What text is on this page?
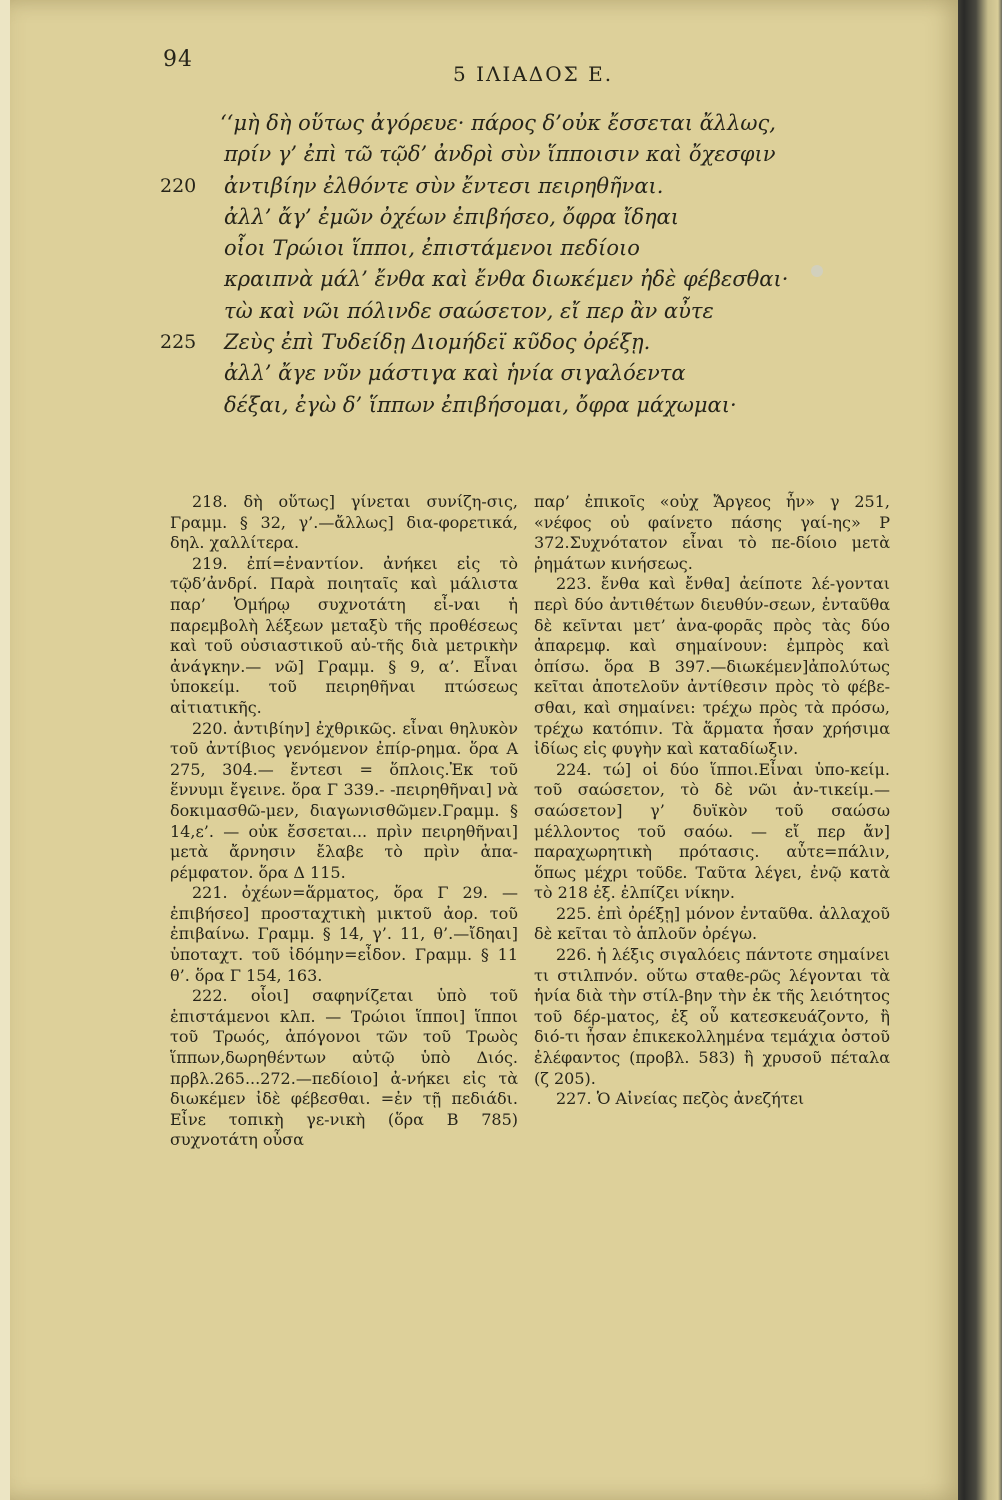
94
5 ΙΛΙΑΔΟΣ Ε.
‘‘μὴ δὴ οὕτως ἀγόρευε· πάρος δ’οὐκ ἔσσεται ἄλλως,
πρίν γ’ ἐπὶ τῶ τῷδ’ ἀνδρὶ σὺν ἵπποισιν καὶ ὄχεσφιν
220 ἀντιβίην ἐλθόντε σὺν ἔντεσι πειρηθῆναι.
ἀλλ’ ἄγ’ ἐμῶν ὀχέων ἐπιβήσεο, ὄφρα ἴδηαι
οἷοι Τρώιοι ἵπποι, ἐπιστάμενοι πεδίοιο
κραιπνὰ μάλ’ ἔνθα καὶ ἔνθα διωκέμεν ἠδὲ φέβεσθαι·
τὼ καὶ νῶι πόλινδε σαώσετον, εἴ περ ἂν αὖτε
225 Ζεὺς ἐπὶ Τυδείδῃ Διομήδεϊ κῦδος ὀρέξῃ.
ἀλλ’ ἄγε νῦν μάστιγα καὶ ἡνία σιγαλόεντα
δέξαι, ἐγὼ δ’ ἵππων ἐπιβήσομαι, ὄφρα μάχωμαι·

218. δὴ οὕτως] γίνεται συνίζη-σις, Γραμμ. § 32, γ’.—ἄλλως] δια-φορετικά, δηλ. χαλλίτερα.

219. ἐπί=ἐναντίον. ἀνήκει εἰς τὸ τῷδ’ἀνδρί. Παρὰ ποιηταῖς καὶ μάλιστα παρ’ Ὁμήρῳ συχνοτάτη εἶ-ναι ἡ παρεμβολὴ λέξεων μεταξὺ τῆς προθέσεως καὶ τοῦ οὐσιαστικοῦ αὐ-τῆς διὰ μετρικὴν ἀνάγκην.— νῶ] Γραμμ. § 9, α’. Εἶναι ὑποκείμ. τοῦ πειρηθῆναι πτώσεως αἰτιατικῆς.

220. ἀντιβίην] ἐχθρικῶς. εἶναι θηλυκὸν τοῦ ἀντίβιος γενόμενον ἐπίρ-ρημα. ὅρα Α 275, 304.— ἔντεσι = ὅπλοις.Ἐκ τοῦ ἕννυμι ἔγεινε. ὅρα Γ 339.- -πειρηθῆναι] νὰ δοκιμασθῶ-μεν, διαγωνισθῶμεν.Γραμμ. § 14,ε’. — οὐκ ἔσσεται... πρὶν πειρηθῆναι] μετὰ ἄρνησιν ἔλαβε τὸ πρὶν ἀπα-ρέμφατον. ὅρα Δ 115.

221. ὀχέων=ἅρματος, ὅρα Γ 29. —ἐπιβήσεο] προσταχτικὴ μικτοῦ ἀορ. τοῦ ἐπιβαίνω. Γραμμ. § 14, γ’. 11, θ’.—ἴδηαι] ὑποταχτ. τοῦ ἰδόμην=εἶδον. Γραμμ. § 11 θ’. ὅρα Γ 154, 163.

222. οἷοι] σαφηνίζεται ὑπὸ τοῦ ἐπιστάμενοι κλπ. — Τρώιοι ἵπποι] ἵπποι τοῦ Τρωός, ἀπόγονοι τῶν τοῦ Τρωὸς ἵππων,δωρηθέντων αὐτῷ ὑπὸ Διός. πρβλ.265...272.—πεδίοιο] ἀ-νήκει εἰς τὰ διωκέμεν ἰδὲ φέβεσθαι. =ἐν τῇ πεδιάδι. Εἶνε τοπικὴ γε-νικὴ (ὅρα Β 785) συχνοτάτη οὖσα

παρ’ ἐπικοῖς «οὐχ Ἄργεος ἦν» γ 251, «νέφος οὐ φαίνετο πάσης γαί-ης» Ρ 372.Συχνότατον εἶναι τὸ πε-δίοιο μετὰ ῥημάτων κινήσεως.

223. ἔνθα καὶ ἔνθα] ἀείποτε λέ-γονται περὶ δύο ἀντιθέτων διευθύν-σεων, ἐνταῦθα δὲ κεῖνται μετ’ ἀνα-φορᾶς πρὸς τὰς δύο ἀπαρεμφ. καὶ σημαίνουν: ἐμπρὸς καὶ ὀπίσω. ὅρα Β 397.—διωκέμεν]ἀπολύτως κεῖται ἀποτελοῦν ἀντίθεσιν πρὸς τὸ φέβε-σθαι, καὶ σημαίνει: τρέχω πρὸς τὰ πρόσω, τρέχω κατόπιν. Τὰ ἅρματα ἦσαν χρήσιμα ἰδίως εἰς φυγὴν καὶ καταδίωξιν.

224. τώ] οἱ δύο ἵπποι.Εἶναι ὑπο-κείμ. τοῦ σαώσετον, τὸ δὲ νῶι ἀν-τικείμ.— σαώσετον] γ’ δυϊκὸν τοῦ σαώσω μέλλοντος τοῦ σαόω. — εἴ περ ἄν] παραχωρητικὴ πρότασις. αὖτε=πάλιν, ὅπως μέχρι τοῦδε. Ταῦτα λέγει, ἐνῷ κατὰ τὸ 218 ἐξ. ἐλπίζει νίκην.

225. ἐπὶ ὀρέξῃ] μόνον ἐνταῦθα. ἀλλαχοῦ δὲ κεῖται τὸ ἁπλοῦν ὀρέγω.

226. ἡ λέξις σιγαλόεις πάντοτε σημαίνει τι στιλπνόν. οὕτω σταθε-ρῶς λέγονται τὰ ἡνία διὰ τὴν στίλ-βην τὴν ἐκ τῆς λειότητος τοῦ δέρ-ματος, ἐξ οὗ κατεσκευάζοντο, ἢ διό-τι ἦσαν ἐπικεκολλημένα τεμάχια ὀστοῦ ἐλέφαντος (προβλ. 583) ἢ χρυσοῦ πέταλα (ζ 205).

227. Ὁ Αἰνείας πεζὸς ἀνεζήτει
